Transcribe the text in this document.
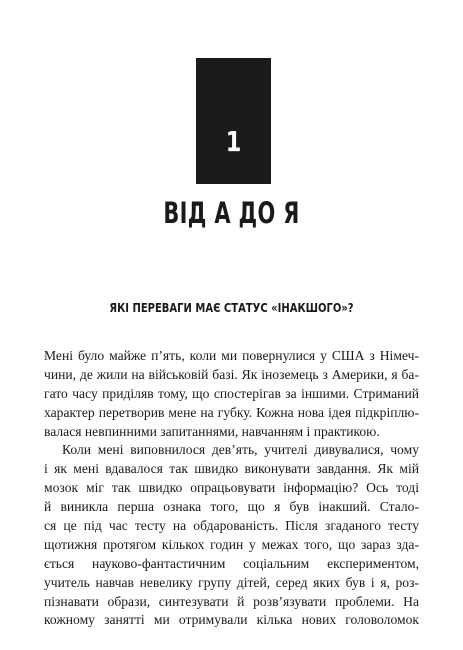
1
ВІД А ДО Я
ЯКІ ПЕРЕВАГИ МАЄ СТАТУС «ІНАКШОГО»?
Мені було майже п’ять, коли ми повернулися у США з Німеч-
чини, де жили на військовій базі. Як іноземець з Америки, я ба-
гато часу приділяв тому, що спостерігав за іншими. Стриманий
характер перетворив мене на губку. Кожна нова ідея підкріплю-
валася невпинними запитаннями, навчанням і практикою.
Коли мені виповнилося дев’ять, учителі дивувалися, чому
і як мені вдавалося так швидко виконувати завдання. Як мій
мозок міг так швидко опрацьовувати інформацію? Ось тоді
й виникла перша ознака того, що я був інакший. Стало-
ся це під час тесту на обдарованість. Після згаданого тесту
щотижня протягом кількох годин у межах того, що зараз зда-
ється науково-фантастичним соціальним експериментом,
учитель навчав невелику групу дітей, серед яких був і я, роз-
пізнавати образи, синтезувати й розв’язувати проблеми. На
кожному занятті ми отримували кілька нових головоломок
